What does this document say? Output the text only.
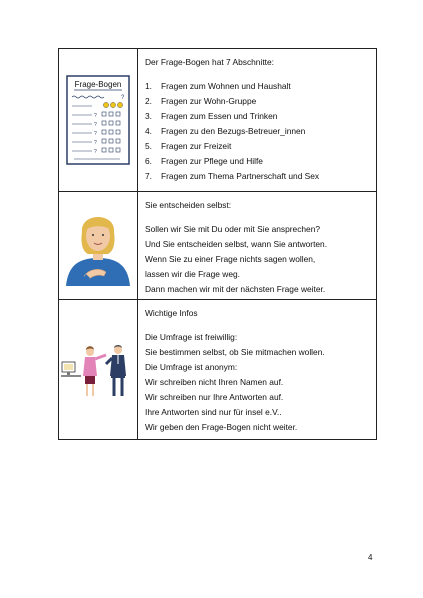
Frage-Bogen
?
?
?
?
?
?
Der Frage-Bogen hat 7 Abschnitte:
1.	Fragen zum Wohnen und Haushalt
2.	Fragen zur Wohn-Gruppe
3.	Fragen zum Essen und Trinken
4.	Fragen zu den Bezugs-Betreuer_innen
5.	Fragen zur Freizeit
6.	Fragen zur Pflege und Hilfe
7.	Fragen zum Thema Partnerschaft und Sex
Sie entscheiden selbst:
Sollen wir Sie mit Du oder mit Sie ansprechen?
Und Sie entscheiden selbst, wann Sie antworten.
Wenn Sie zu einer Frage nichts sagen wollen,
lassen wir die Frage weg.
Dann machen wir mit der nächsten Frage weiter.
Wichtige Infos
Die Umfrage ist freiwillig:
Sie bestimmen selbst, ob Sie mitmachen wollen.
Die Umfrage ist anonym:
Wir schreiben nicht Ihren Namen auf.
Wir schreiben nur Ihre Antworten auf.
Ihre Antworten sind nur für insel e.V..
Wir geben den Frage-Bogen nicht weiter.
4
